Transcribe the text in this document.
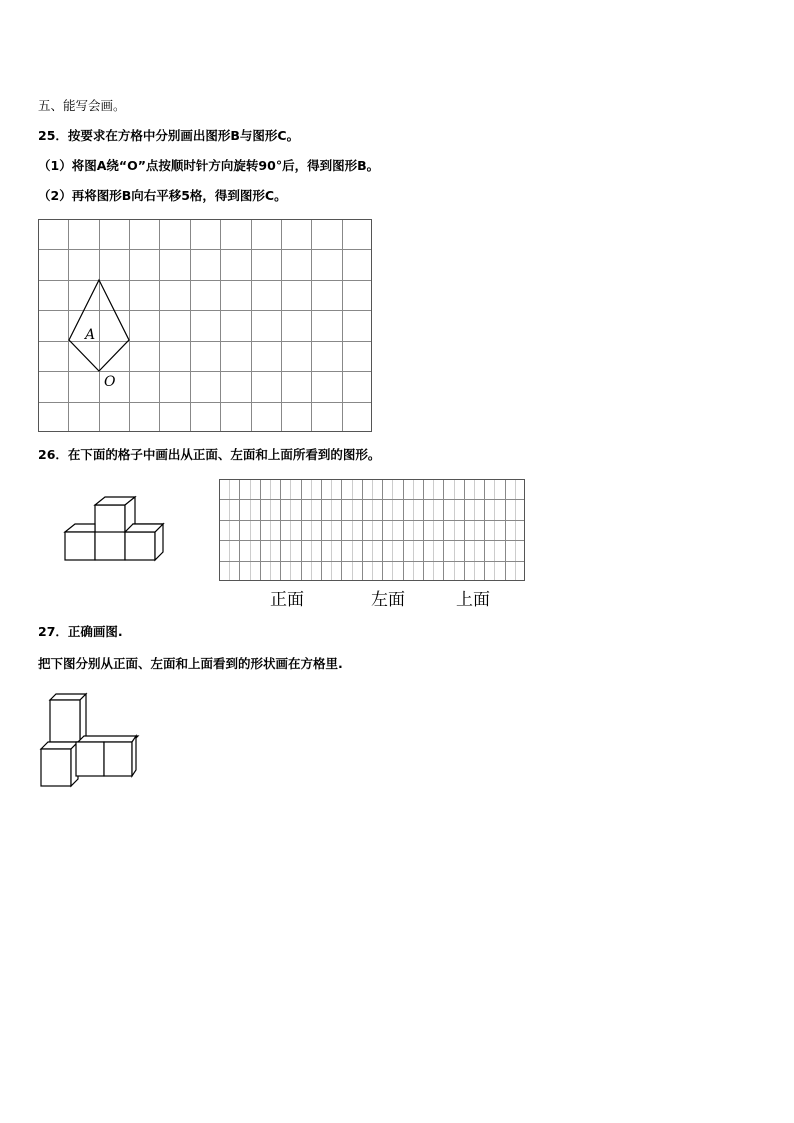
五、能写会画。
25．按要求在方格中分别画出图形B与图形C。
（1）将图A绕“O”点按顺时针方向旋转90°后，得到图形B。
（2）再将图形B向右平移5格，得到图形C。
A
O
26．在下面的格子中画出从正面、左面和上面所看到的图形。
正面	左面	上面
27．正确画图.
把下图分别从正面、左面和上面看到的形状画在方格里.
